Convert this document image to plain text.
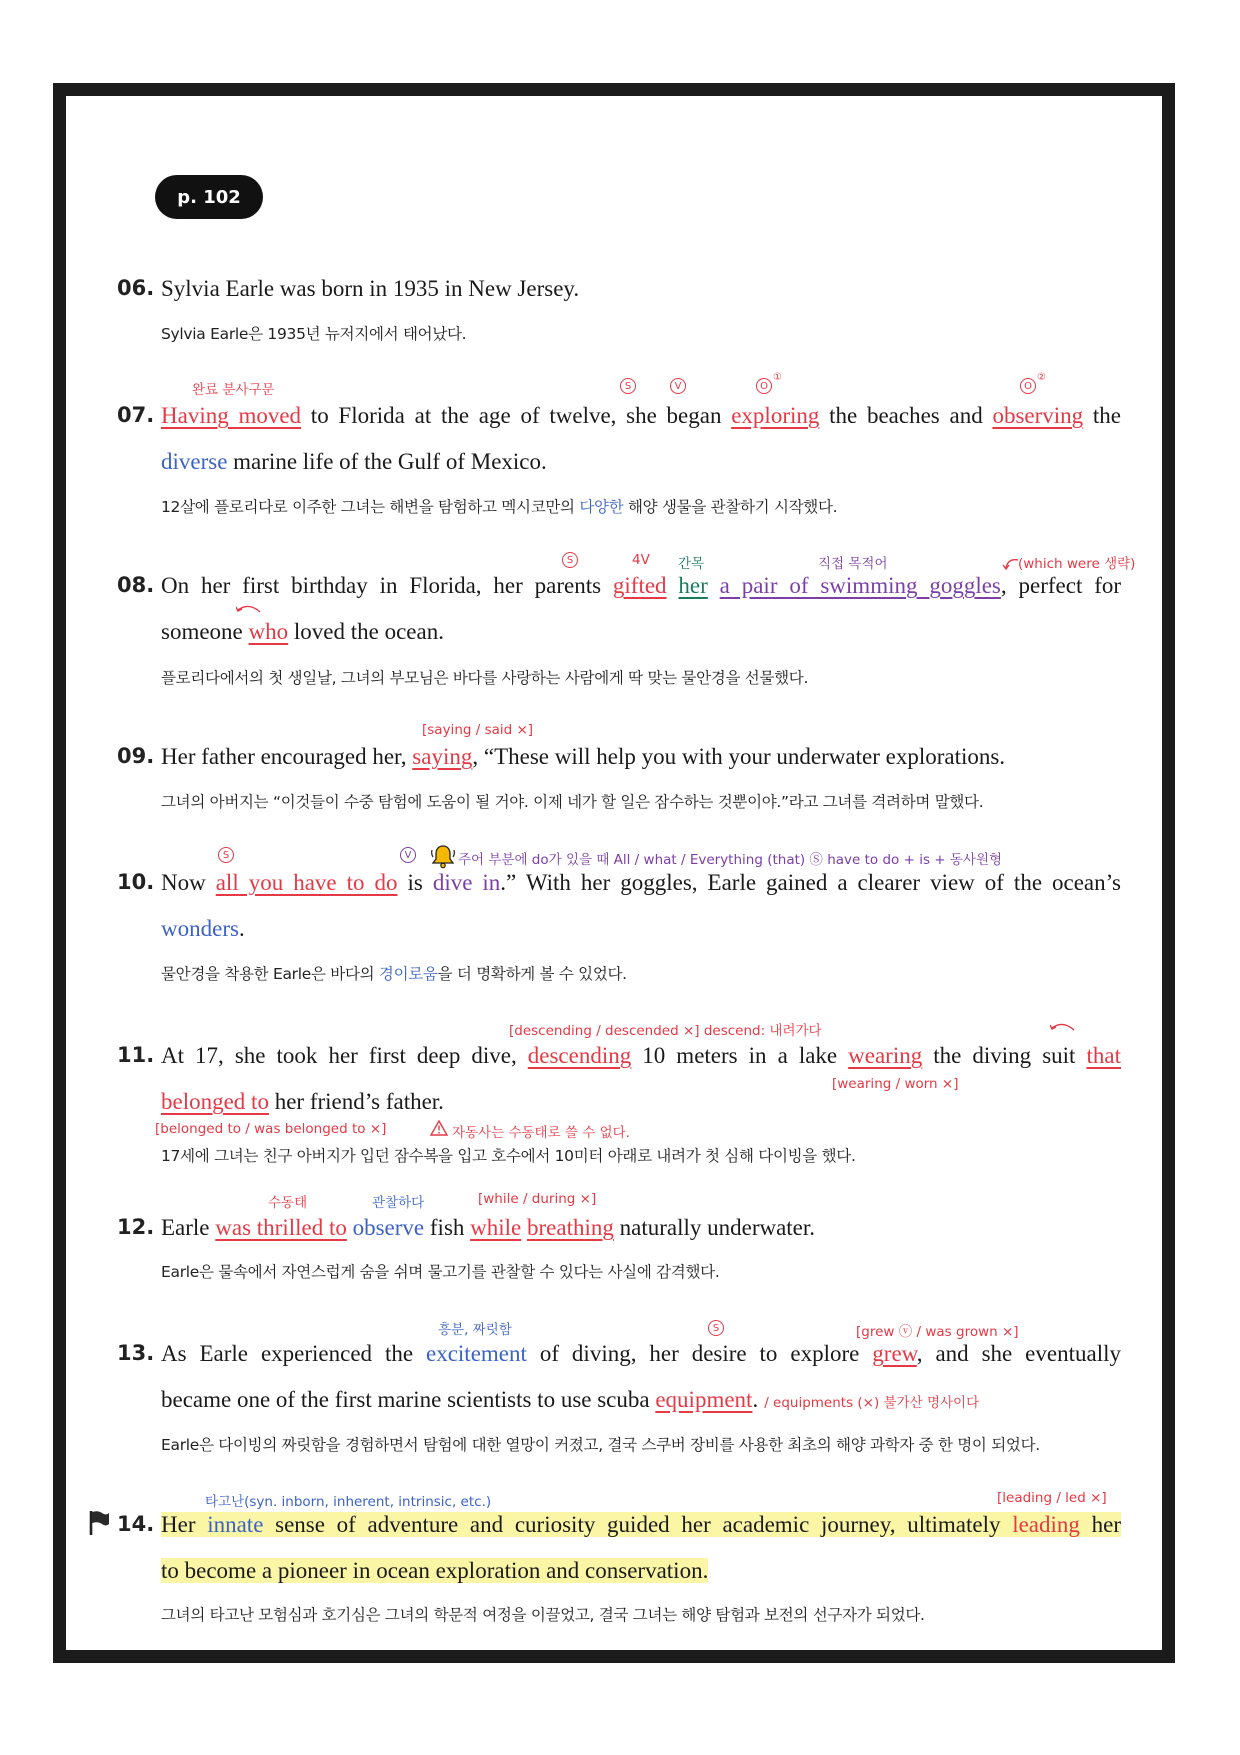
p. 102
06. Sylvia Earle was born in 1935 in New Jersey.
Sylvia Earle은 1935년 뉴저지에서 태어났다.
완료 분사구문	S	V	O
①
O
②
07. Having moved to Florida at the age of twelve, she began exploring the beaches and observing the
diverse marine life of the Gulf of Mexico.
12살에 플로리다로 이주한 그녀는 해변을 탐험하고 멕시코만의 다양한 해양 생물을 관찰하기 시작했다.
S	4V 간목	직접 목적어	(which were 생략)
08. On her first birthday in Florida, her parents gifted her a pair of swimming goggles, perfect for
someone who loved the ocean.
플로리다에서의 첫 생일날, 그녀의 부모님은 바다를 사랑하는 사람에게 딱 맞는 물안경을 선물했다.
[saying / said ×]
09. Her father encouraged her, saying, “These will help you with your underwater explorations.
그녀의 아버지는 “이것들이 수중 탐험에 도움이 될 거야. 이제 네가 할 일은 잠수하는 것뿐이야.”라고 그녀를 격려하며 말했다.
S	V	주어 부분에 do가 있을 때 All / what / Everything (that) Ⓢ have to do + is + 동사원형
10. Now all you have to do is dive in.” With her goggles, Earle gained a clearer view of the ocean’s
wonders.
물안경을 착용한 Earle은 바다의 경이로움을 더 명확하게 볼 수 있었다.
[descending / descended ×] descend: 내려가다
11. At 17, she took her first deep dive, descending 10 meters in a lake wearing the diving suit that
[wearing / worn ×]
belonged to her friend’s father.
[belonged to / was belonged to ×]	자동사는 수동태로 쓸 수 없다.
17세에 그녀는 친구 아버지가 입던 잠수복을 입고 호수에서 10미터 아래로 내려가 첫 심해 다이빙을 했다.
수동태	관찰하다	[while / during ×]
12. Earle was thrilled to observe fish while breathing naturally underwater.
Earle은 물속에서 자연스럽게 숨을 쉬며 물고기를 관찰할 수 있다는 사실에 감격했다.
흥분, 짜릿함	S	[grew ⓥ / was grown ×]
13. As Earle experienced the excitement of diving, her desire to explore grew, and she eventually
became one of the first marine scientists to use scuba equipment. / equipments (×) 불가산 명사이다
Earle은 다이빙의 짜릿함을 경험하면서 탐험에 대한 열망이 커졌고, 결국 스쿠버 장비를 사용한 최초의 해양 과학자 중 한 명이 되었다.
타고난(syn. inborn, inherent, intrinsic, etc.)	[leading / led ×]
14. Her innate sense of adventure and curiosity guided her academic journey, ultimately leading her
to become a pioneer in ocean exploration and conservation.
그녀의 타고난 모험심과 호기심은 그녀의 학문적 여정을 이끌었고, 결국 그녀는 해양 탐험과 보전의 선구자가 되었다.
